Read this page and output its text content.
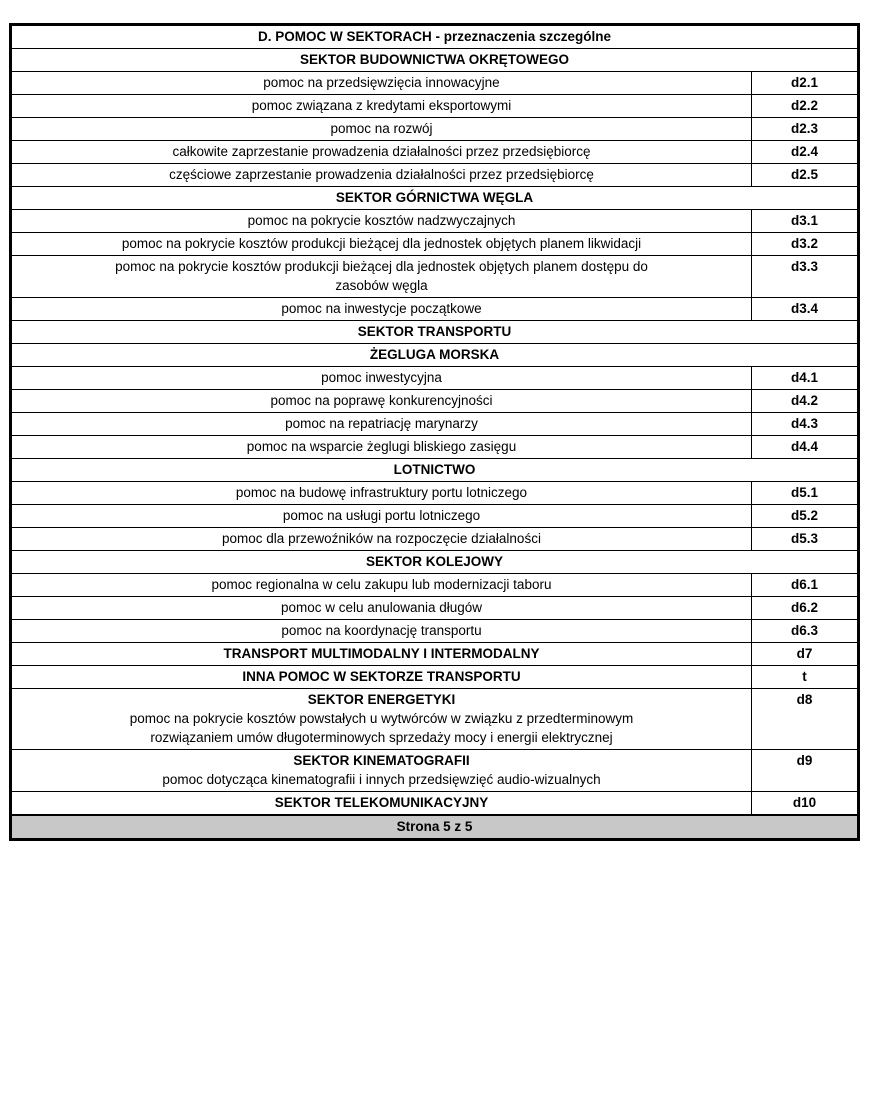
D. POMOC W SEKTORACH - przeznaczenia szczególne	
SEKTOR BUDOWNICTWA OKRĘTOWEGO	
pomoc na przedsięwzięcia innowacyjne	d2.1
pomoc związana z kredytami eksportowymi	d2.2
pomoc na rozwój	d2.3
całkowite zaprzestanie prowadzenia działalności przez przedsiębiorcę	d2.4
częściowe zaprzestanie prowadzenia działalności przez przedsiębiorcę	d2.5
SEKTOR GÓRNICTWA WĘGLA	
pomoc na pokrycie kosztów nadzwyczajnych	d3.1
pomoc na pokrycie kosztów produkcji bieżącej dla jednostek objętych planem likwidacji	d3.2

pomoc na pokrycie kosztów produkcji bieżącej dla jednostek objętych planem dostępu do
zasobów węgla	d3.3
pomoc na inwestycje początkowe	d3.4
SEKTOR TRANSPORTU	
ŻEGLUGA MORSKA	
pomoc inwestycyjna	d4.1
pomoc na poprawę konkurencyjności	d4.2
pomoc na repatriację marynarzy	d4.3
pomoc na wsparcie żeglugi bliskiego zasięgu	d4.4
LOTNICTWO	
pomoc na budowę infrastruktury portu lotniczego	d5.1
pomoc na usługi portu lotniczego	d5.2
pomoc dla przewoźników na rozpoczęcie działalności	d5.3
SEKTOR KOLEJOWY	
pomoc regionalna w celu zakupu lub modernizacji taboru	d6.1
pomoc w celu anulowania długów	d6.2
pomoc na koordynację transportu	d6.3
TRANSPORT MULTIMODALNY I INTERMODALNY	d7
INNA POMOC W SEKTORZE TRANSPORTU	t

SEKTOR ENERGETYKI
pomoc na pokrycie kosztów powstałych u wytwórców w związku z przedterminowym
rozwiązaniem umów długoterminowych sprzedaży mocy i energii elektrycznej	d8

SEKTOR KINEMATOGRAFII
pomoc dotycząca kinematografii i innych przedsięwzięć audio-wizualnych	d9
SEKTOR TELEKOMUNIKACYJNY	d10
Strona 5 z 5	
